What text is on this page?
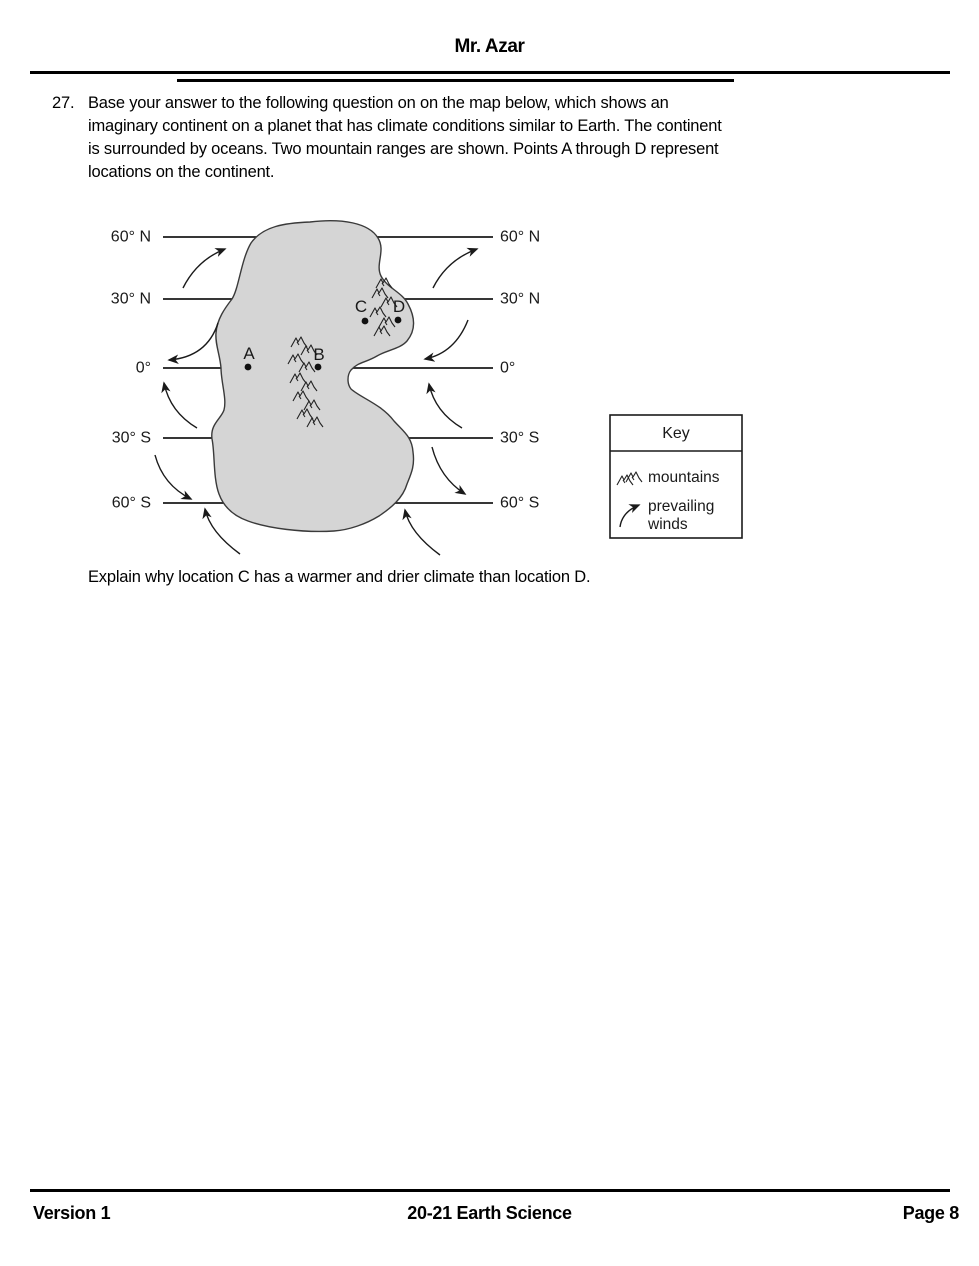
Mr. Azar
27. Base your answer to the following question on on the map below, which shows an
imaginary continent on a planet that has climate conditions similar to Earth. The continent
is surrounded by oceans. Two mountain ranges are shown. Points A through D represent
locations on the continent.
60° N
30° N
0°
30° S
60° S
60° N
30° N
0°
30° S
60° S
A	B
C D
Key
mountains
prevailing
winds
Explain why location C has a warmer and drier climate than location D.
Version 1	20-21 Earth Science	Page 8
